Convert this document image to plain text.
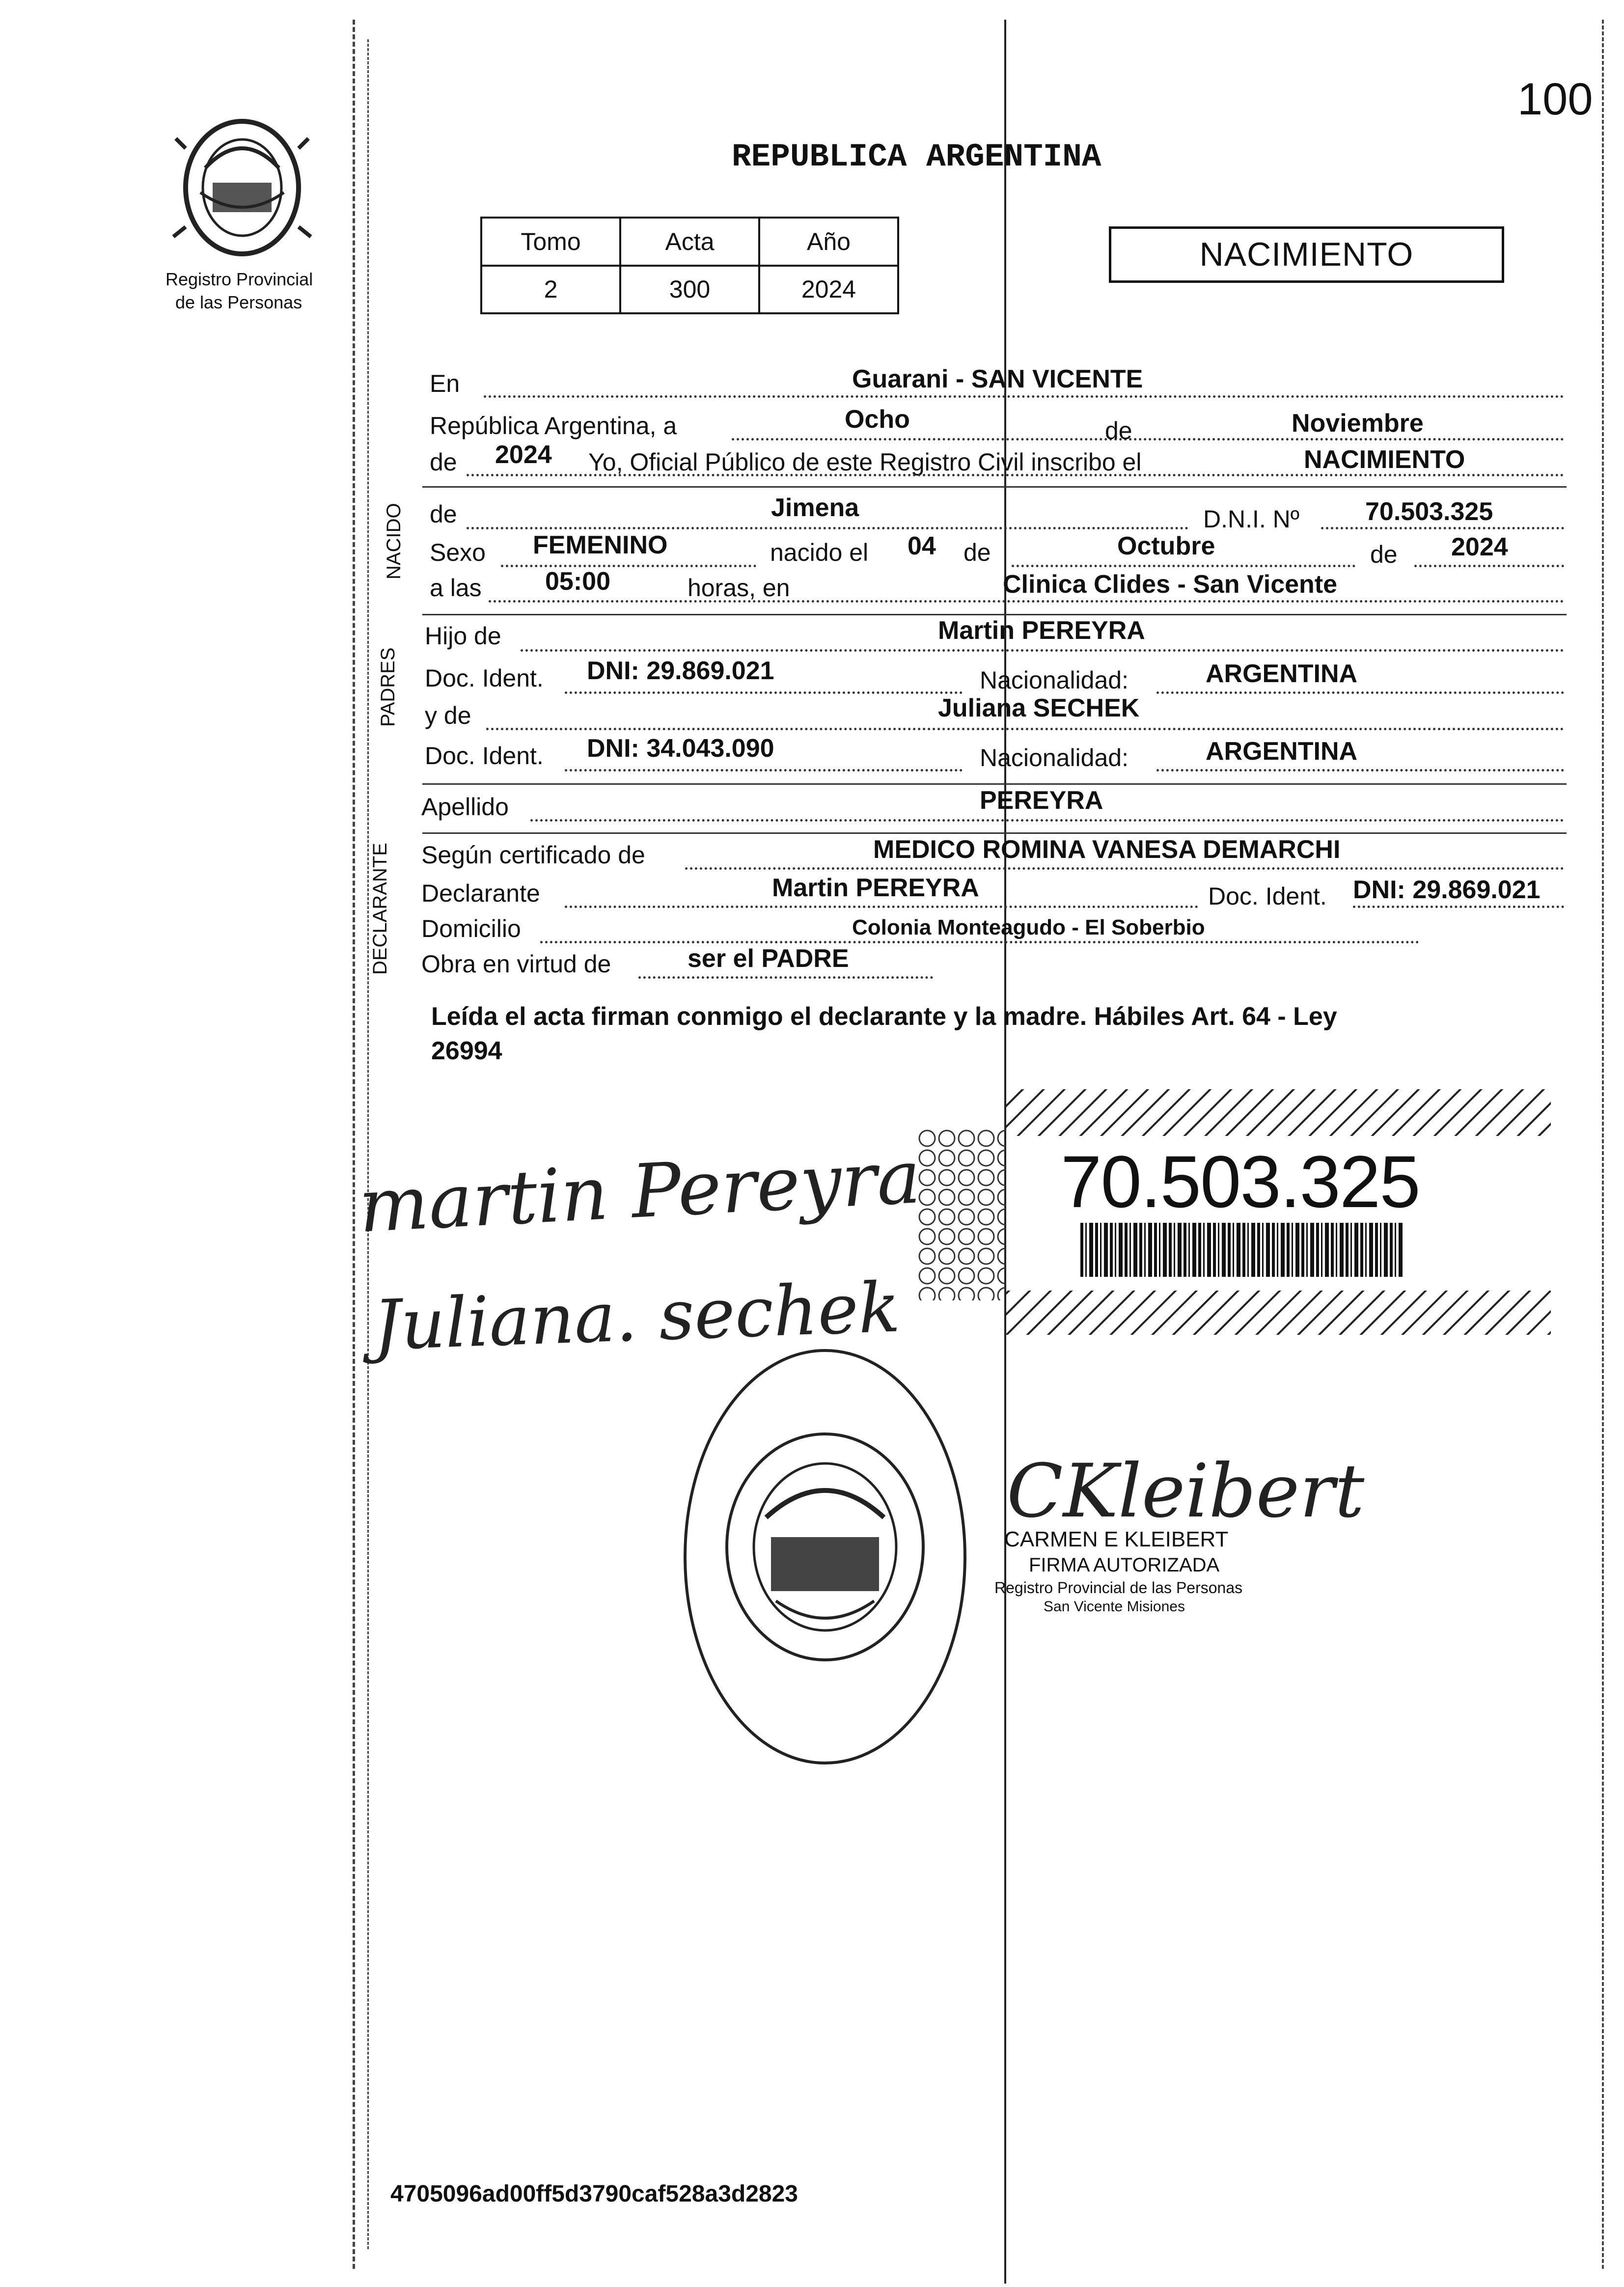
100
Registro Provincial
de las Personas
REPUBLICA ARGENTINA
Tomo	Acta	Año
2	300	2024
NACIMIENTO
En	Guarani - SAN VICENTE
República Argentina, a	Ocho	de	Noviembre
de 2024 Yo, Oficial Público de este Registro Civil inscribo el	NACIMIENTO
NACIDO de	Jimena	D.N.I. Nº	70.503.325
Sexo FEMENINO	nacido el 04 de	Octubre	de 2024
a las 05:00	horas, en	Clinica Clides - San Vicente
PADRES
Hijo de	Martin PEREYRA
Doc. Ident. DNI: 29.869.021	Nacionalidad:	ARGENTINA
y de	Juliana SECHEK
Doc. Ident. DNI: 34.043.090	Nacionalidad:	ARGENTINA
Apellido	PEREYRA
DECLARANTE Según certificado de	MEDICO ROMINA VANESA DEMARCHI
Declarante	Martin PEREYRA	Doc. Ident. DNI: 29.869.021
Domicilio	Colonia Monteagudo - El Soberbio
Obra en virtud de	ser el PADRE
Leída el acta firman conmigo el declarante y la madre. Hábiles Art. 64 - Ley
26994
70.503.325
martin Pereyra
Juliana. sechek
CKleibert
CARMEN E KLEIBERT
FIRMA AUTORIZADA
Registro Provincial de las Personas
San Vicente Misiones
4705096ad00ff5d3790caf528a3d2823
